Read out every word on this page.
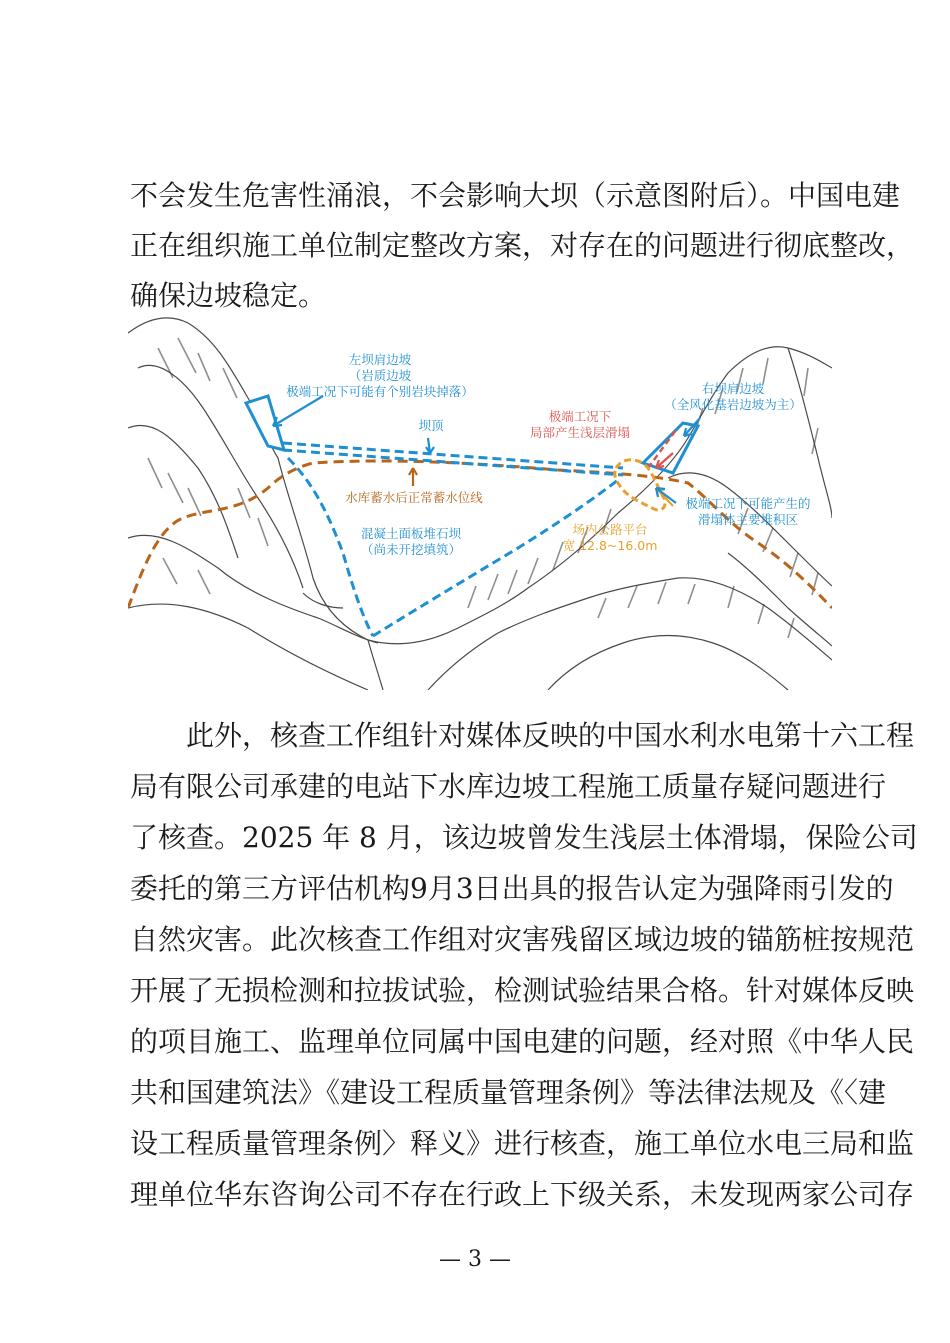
不会发生危害性涌浪，不会影响大坝（示意图附后）。中国电建
正在组织施工单位制定整改方案，对存在的问题进行彻底整改，
确保边坡稳定。
左坝肩边坡
（岩质边坡
极端工况下可能有个别岩块掉落）
坝顶
水库蓄水后正常蓄水位线
混凝土面板堆石坝
（尚未开挖填筑）
右坝肩边坡
（全风化基岩边坡为主）
极端工况下
局部产生浅层滑塌
场内公路平台
宽 12.8~16.0m
极端工况下可能产生的
滑塌体主要堆积区
此外，核查工作组针对媒体反映的中国水利水电第十六工程
局有限公司承建的电站下水库边坡工程施工质量存疑问题进行
了核查。2025 年 8 月，该边坡曾发生浅层土体滑塌，保险公司
委托的第三方评估机构9月3日出具的报告认定为强降雨引发的
自然灾害。此次核查工作组对灾害残留区域边坡的锚筋桩按规范
开展了无损检测和拉拔试验，检测试验结果合格。针对媒体反映
的项目施工、监理单位同属中国电建的问题，经对照《中华人民
共和国建筑法》《建设工程质量管理条例》等法律法规及《〈建
设工程质量管理条例〉释义》进行核查，施工单位水电三局和监
理单位华东咨询公司不存在行政上下级关系，未发现两家公司存
— 3 —
